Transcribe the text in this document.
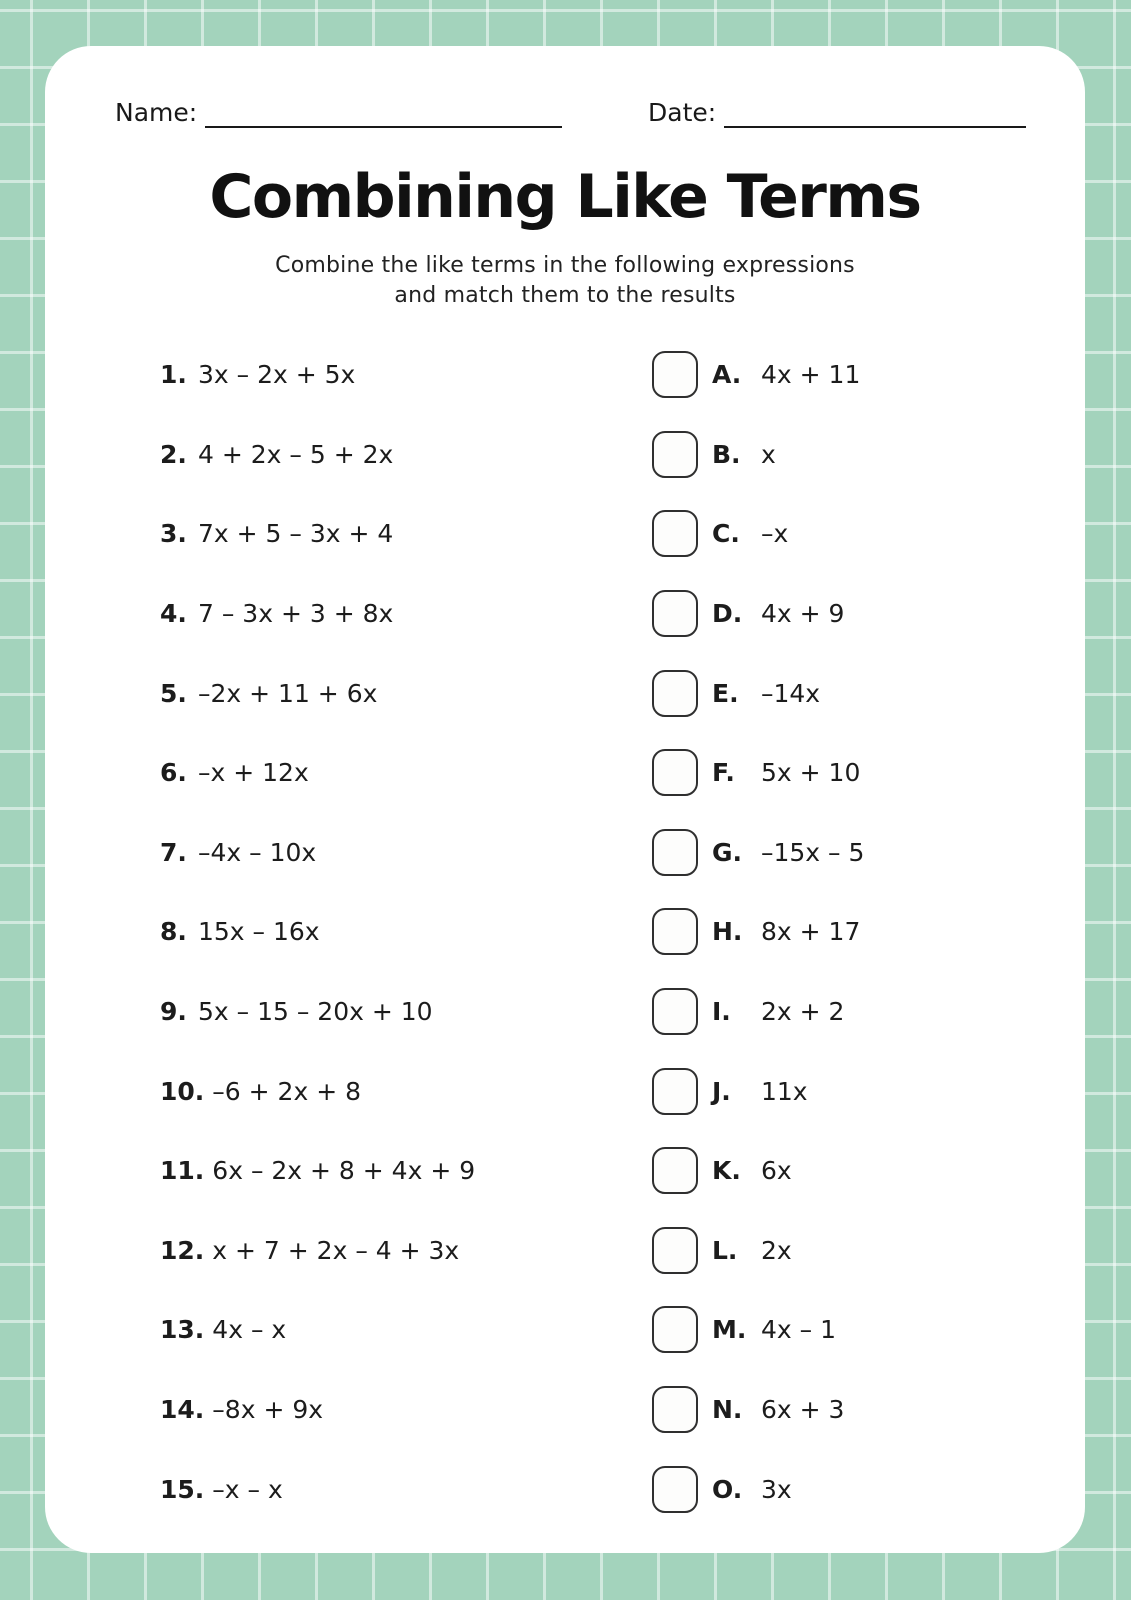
Name:	Date:
Combining Like Terms

Combine the like terms in the following expressions
and match them to the results

1. 3x – 2x + 5x	A. 4x + 11
2. 4 + 2x – 5 + 2x	B. x
3. 7x + 5 – 3x + 4	C. –x
4. 7 – 3x + 3 + 8x	D. 4x + 9
5. –2x + 11 + 6x	E. –14x
6. –x + 12x	F.	5x + 10
7. –4x – 10x	G. –15x – 5
8. 15x – 16x	H. 8x + 17
9. 5x – 15 – 20x + 10	I.	2x + 2
10. –6 + 2x + 8	J.	11x
11. 6x – 2x + 8 + 4x + 9	K. 6x
12. x + 7 + 2x – 4 + 3x	L. 2x
13. 4x – x	M. 4x – 1
14. –8x + 9x	N. 6x + 3
15. –x – x	O. 3x
